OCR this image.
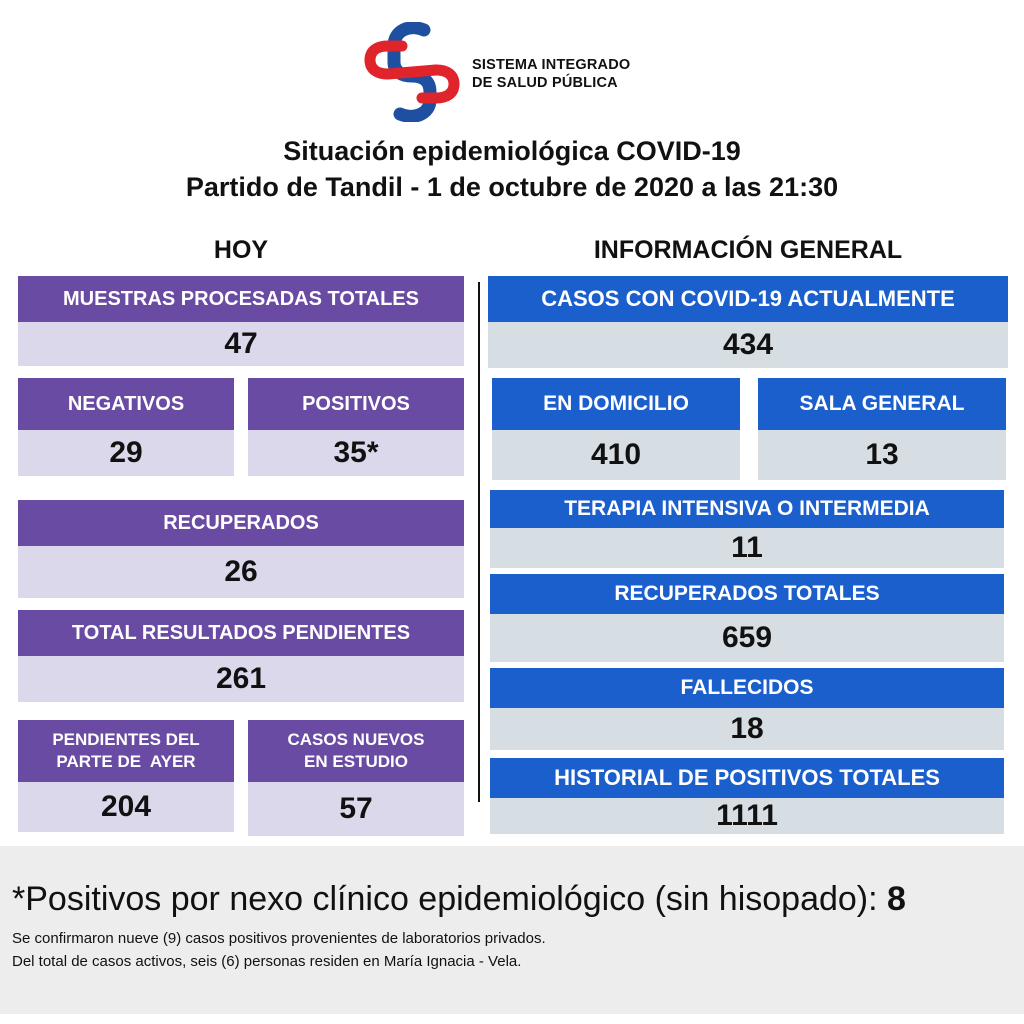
SISTEMA INTEGRADO
DE SALUD PÚBLICA
Situación epidemiológica COVID-19
Partido de Tandil - 1 de octubre de 2020 a las 21:30
HOY	INFORMACIÓN GENERAL
MUESTRAS PROCESADAS TOTALES
47
NEGATIVOS
29
POSITIVOS
35*
RECUPERADOS
26
TOTAL RESULTADOS PENDIENTES
261
PENDIENTES DEL
PARTE DE  AYER
204
CASOS NUEVOS
EN ESTUDIO
57
CASOS CON COVID-19 ACTUALMENTE
434
EN DOMICILIO
410
SALA GENERAL
13
TERAPIA INTENSIVA O INTERMEDIA
11
RECUPERADOS TOTALES
659
FALLECIDOS
18
HISTORIAL DE POSITIVOS TOTALES
1111
*Positivos por nexo clínico epidemiológico (sin hisopado): 8
Se confirmaron nueve (9) casos positivos provenientes de laboratorios privados.
Del total de casos activos, seis (6) personas residen en María Ignacia - Vela.
